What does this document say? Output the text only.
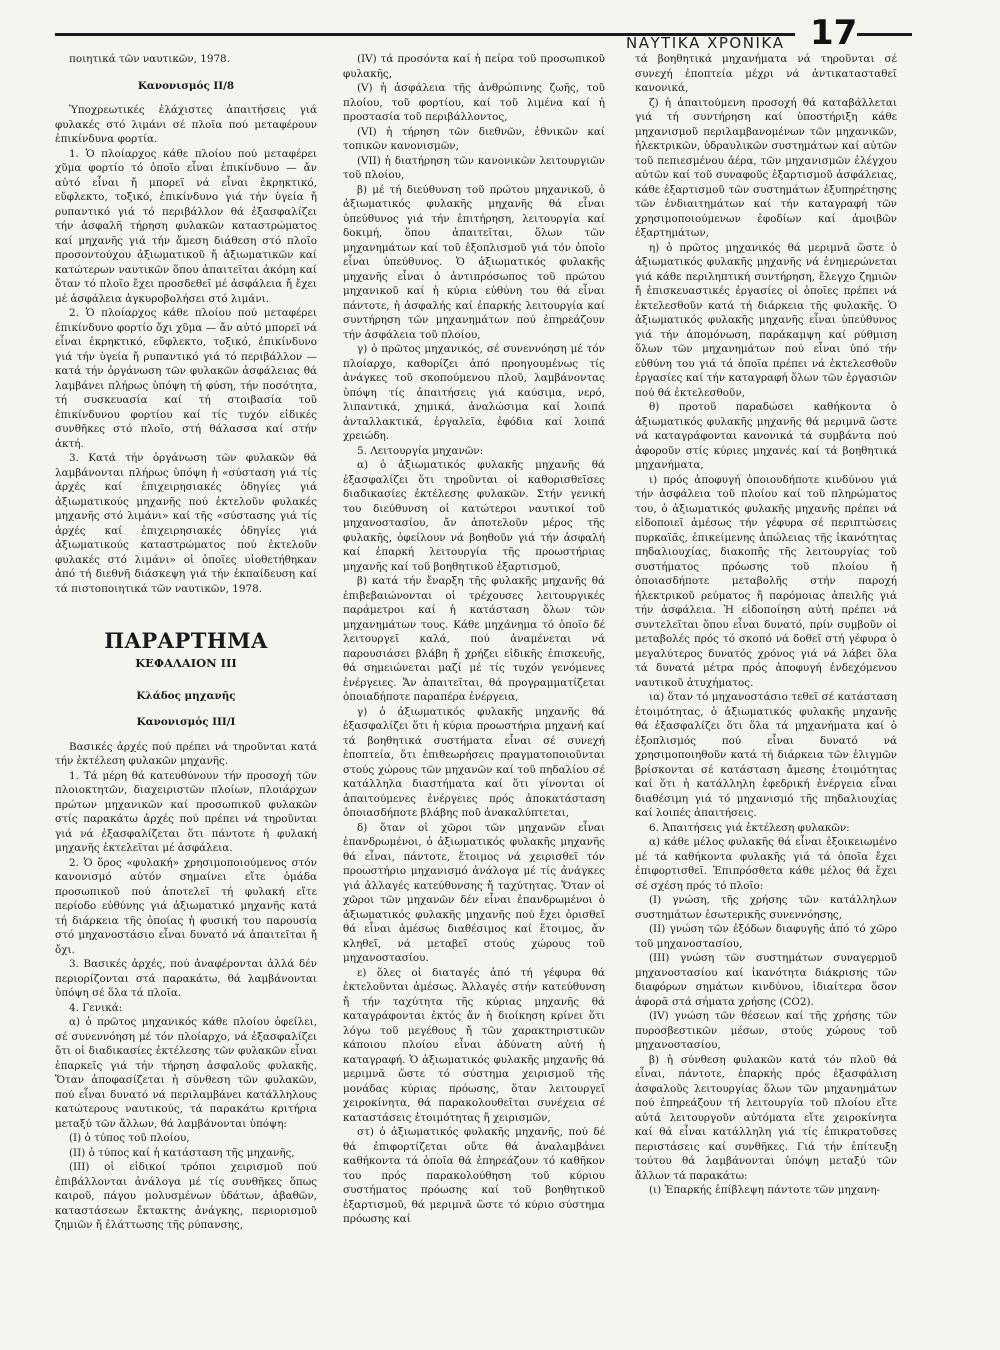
ΝΑΥΤΙΚΑ ΧΡΟΝΙΚΑ 17

ποιητικά τῶν ναυτικῶν, 1978.

Κανονισμός ΙΙ/8

Ὑποχρεωτικές ἐλάχιστες ἀπαιτήσεις γιά φυλακές στό λιμάνι σέ πλοῖα πού μεταφέρουν ἐπικίνδυνα φορτία.

1. Ὁ πλοίαρχος κάθε πλοίου πού μεταφέρει χῦμα φορτίο τό ὁποῖο εἶναι ἐπικίνδυνο — ἄν αὐτό εἶναι ἤ μπορεῖ νά εἶναι ἐκρηκτικό, εὔφλεκτο, τοξικό, ἐπικίνδυνο γιά τήν ὑγεία ἤ ρυπαντικό γιά τό περιβάλλον θά ἐξασφαλίζει τήν ἀσφαλῆ τήρηση φυλακῶν καταστρώματος καί μηχανῆς γιά τήν ἄμεση διάθεση στό πλοῖο προσοντούχου ἀξιωματικοῦ ἤ ἀξιωματικῶν καί κατώτερων ναυτικῶν ὅπου ἀπαιτεῖται ἀκόμη καί ὅταν τό πλοῖο ἔχει προσδεθεῖ μέ ἀσφάλεια ἤ ἔχει μέ ἀσφάλεια ἀγκυροβολήσει στό λιμάνι.

2. Ὁ πλοίαρχος κάθε πλοίου πού μεταφέρει ἐπικίνδυνο φορτίο ὄχι χῦμα — ἄν αὐτό μπορεῖ νά εἶναι ἐκρηκτικό, εὔφλεκτο, τοξικό, ἐπικίνδυνο γιά τήν ὑγεία ἤ ρυπαντικό γιά τό περιβάλλον — κατά τήν ὀργάνωση τῶν φυλακῶν ἀσφάλειας θά λαμβάνει πλήρως ὑπόψη τή φύση, τήν ποσότητα, τή συσκευασία καί τή στοιβασία τοῦ ἐπικίνδυνου φορτίου καί τίς τυχόν εἰδικές συνθῆκες στό πλοῖο, στή θάλασσα καί στήν ἀκτή.

3. Κατά τήν ὀργάνωση τῶν φυλακῶν θά λαμβάνονται πλήρως ὑπόψη ἡ «σύσταση γιά τίς ἀρχές καί ἐπιχειρησιακές ὁδηγίες γιά ἀξιωματικούς μηχανῆς πού ἐκτελοῦν φυλακές μηχανῆς στό λιμάνι» καί τῆς «σύστασης γιά τίς ἀρχές καί ἐπιχειρησιακές ὁδηγίες γιά ἀξιωματικούς καταστρώματος πού ἐκτελοῦν φυλακές στό λιμάνι» οἱ ὁποῖες υἱοθετήθηκαν ἀπό τή διεθνῆ διάσκεψη γιά τήν ἐκπαίδευση καί τά πιστοποιητικά τῶν ναυτικῶν, 1978.

ΠΑΡΑΡΤΗΜΑ
ΚΕΦΑΛΑΙΟΝ ΙΙΙ
Κλάδος μηχανῆς
Κανονισμός ΙΙΙ/Ι

Βασικές ἀρχές πού πρέπει νά τηροῦνται κατά τήν ἐκτέλεση φυλακῶν μηχανῆς.

1. Τά μέρη θά κατευθύνουν τήν προσοχή τῶν πλοιοκτητῶν, διαχειριστῶν πλοίων, πλοιάρχων πρώτων μηχανικῶν καί προσωπικοῦ φυλακῶν στίς παρακάτω ἀρχές πού πρέπει νά τηροῦνται γιά νά ἐξασφαλίζεται ὅτι πάντοτε ἡ φυλακή μηχανῆς ἐκτελεῖται μέ ἀσφάλεια.

2. Ὁ ὅρος «φυλακή» χρησιμοποιούμενος στόν κανονισμό αὐτόν σημαίνει εἴτε ὁμάδα προσωπικοῦ πού ἀποτελεῖ τή φυλακή εἴτε περίοδο εὐθύνης γιά ἀξιωματικό μηχανῆς κατά τή διάρκεια τῆς ὁποίας ἡ φυσική του παρουσία στό μηχανοστάσιο εἶναι δυνατό νά ἀπαιτεῖται ἤ ὄχι.

3. Βασικές ἀρχές, πού ἀναφέρονται ἀλλά δέν περιορίζονται στά παρακάτω, θά λαμβάνονται ὑπόψη σέ ὅλα τά πλοῖα.

4. Γενικά:

α) ὁ πρῶτος μηχανικός κάθε πλοίου ὀφείλει, σέ συνεννόηση μέ τόν πλοίαρχο, νά ἐξασφαλίζει ὅτι οἱ διαδικασίες ἐκτέλεσης τῶν φυλακῶν εἶναι ἐπαρκεῖς γιά τήν τήρηση ἀσφαλοῦς φυλακῆς. Ὅταν ἀποφασίζεται ἡ σύνθεση τῶν φυλακῶν, πού εἶναι δυνατό νά περιλαμβάνει κατάλληλους κατώτερους ναυτικούς, τά παρακάτω κριτήρια μεταξύ τῶν ἄλλων, θά λαμβάνονται ὑπόψη:

(Ι) ὁ τύπος τοῦ πλοίου,

(ΙΙ) ὁ τύπος καί ἡ κατάσταση τῆς μηχανῆς,

(ΙΙΙ) οἱ εἰδικοί τρόποι χειρισμοῦ πού ἐπιβάλλονται ἀνάλογα μέ τίς συνθῆκες ὅπως καιροῦ, πάγου μολυσμένων ὑδάτων, ἀβαθῶν, καταστάσεων ἔκτακτης ἀνάγκης, περιορισμοῦ ζημιῶν ἤ ἐλάττωσης τῆς ρύπανσης,

(IV) τά προσόντα καί ἡ πείρα τοῦ προσωπικοῦ φυλακῆς,

(V) ἡ ἀσφάλεια τῆς ἀνθρώπινης ζωῆς, τοῦ πλοίου, τοῦ φορτίου, καί τοῦ λιμένα καί ἡ προστασία τοῦ περιβάλλοντος,

(VI) ἡ τήρηση τῶν διεθνῶν, ἐθνικῶν καί τοπικῶν κανονισμῶν,

(VII) ἡ διατήρηση τῶν κανονικῶν λειτουργιῶν τοῦ πλοίου,

β) μέ τή διεύθυνση τοῦ πρώτου μηχανικοῦ, ὁ ἀξιωματικός φυλακῆς μηχανῆς θά εἶναι ὑπεύθυνος γιά τήν ἐπιτήρηση, λειτουργία καί δοκιμή, ὅπου ἀπαιτεῖται, ὅλων τῶν μηχανημάτων καί τοῦ ἐξοπλισμοῦ γιά τόν ὁποῖο εἶναι ὑπεύθυνος. Ὁ ἀξιωματικός φυλακῆς μηχανῆς εἶναι ὁ ἀντιπρόσωπος τοῦ πρώτου μηχανικοῦ καί ἡ κύρια εὐθύνη του θά εἶναι πάντοτε, ἡ ἀσφαλής καί ἐπαρκής λειτουργία καί συντήρηση τῶν μηχανημάτων πού ἐπηρεάζουν τήν ἀσφάλεια τοῦ πλοίου,

γ) ὁ πρῶτος μηχανικός, σέ συνεννόηση μέ τόν πλοίαρχο, καθορίζει ἀπό προηγουμένως τίς ἀνάγκες τοῦ σκοπούμενου πλοῦ, λαμβάνοντας ὑπόψη τίς ἀπαιτήσεις γιά καύσιμα, νερό, λιπαντικά, χημικά, ἀναλώσιμα καί λοιπά ἀνταλλακτικά, ἐργαλεῖα, ἐφόδια καί λοιπά χρειώδη.

5. Λειτουργία μηχανῶν:

α) ὁ ἀξιωματικός φυλακῆς μηχανῆς θά ἐξασφαλίζει ὅτι τηροῦνται οἱ καθορισθεῖσες διαδικασίες ἐκτέλεσης φυλακῶν. Στήν γενική του διεύθυνση οἱ κατώτεροι ναυτικοί τοῦ μηχανοστασίου, ἄν ἀποτελοῦν μέρος τῆς φυλακῆς, ὀφείλουν νά βοηθοῦν γιά τήν ἀσφαλή καί ἐπαρκή λειτουργία τῆς προωστήριας μηχανῆς καί τοῦ βοηθητικοῦ ἐξαρτισμοῦ,

β) κατά τήν ἔναρξη τῆς φυλακῆς μηχανῆς θά ἐπιβεβαιώνονται οἱ τρέχουσες λειτουργικές παράμετροι καί ἡ κατάσταση ὅλων τῶν μηχανημάτων τους. Κάθε μηχάνημα τό ὁποῖο δέ λειτουργεῖ καλά, πού ἀναμένεται νά παρουσιάσει βλάβη ἤ χρήζει εἰδικῆς ἐπισκευῆς, θά σημειώνεται μαζί μέ τίς τυχόν γενόμενες ἐνέργειες. Ἄν ἀπαιτεῖται, θά προγραμματίζεται ὁποιαδήποτε παραπέρα ἐνέργεια,

γ) ὁ ἀξιωματικός φυλακῆς μηχανῆς θά ἐξασφαλίζει ὅτι ἡ κύρια προωστήρια μηχανή καί τά βοηθητικά συστήματα εἶναι σέ συνεχή ἐποπτεία, ὅτι ἐπιθεωρήσεις πραγματοποιοῦνται στούς χώρους τῶν μηχανῶν καί τοῦ πηδαλίου σέ κατάλληλα διαστήματα καί ὅτι γίνονται οἱ ἀπαιτούμενες ἐνέργειες πρός ἀποκατάσταση ὁποιασδήποτε βλάβης ποῦ ἀνακαλύπτεται,

δ) ὅταν οἱ χῶροι τῶν μηχανῶν εἶναι ἐπανδρωμένοι, ὁ ἀξιωματικός φυλακῆς μηχανῆς θά εἶναι, πάντοτε, ἕτοιμος νά χειρισθεῖ τόν προωστήριο μηχανισμό ἀνάλογα μέ τίς ἀνάγκες γιά ἀλλαγές κατεύθυνσης ἤ ταχύτητας. Ὅταν οἱ χῶροι τῶν μηχανῶν δέν εἶναι ἐπανδρωμένοι ὁ ἀξιωματικός φυλακῆς μηχανῆς πού ἔχει ὁρισθεῖ θά εἶναι ἀμέσως διαθέσιμος καί ἕτοιμος, ἄν κληθεῖ, νά μεταβεῖ στούς χώρους τοῦ μηχανοστασίου.

ε) ὅλες οἱ διαταγές ἀπό τή γέφυρα θά ἐκτελοῦνται ἀμέσως. Ἀλλαγές στήν κατεύθυνση ἤ τήν ταχύτητα τῆς κύριας μηχανῆς θά καταγράφονται ἐκτός ἄν ἡ διοίκηση κρίνει ὅτι λόγω τοῦ μεγέθους ἤ τῶν χαρακτηριστικῶν κάποιου πλοίου εἶναι ἀδύνατη αὐτή ἡ καταγραφή. Ὁ ἀξιωματικός φυλακῆς μηχανῆς θά μεριμνᾶ ὥστε τό σύστημα χειρισμοῦ τῆς μονάδας κύριας πρόωσης, ὅταν λειτουργεῖ χειροκίνητα, θά παρακολουθεῖται συνέχεια σέ καταστάσεις ἑτοιμότητας ἤ χειρισμῶν,

στ) ὁ ἀξιωματικός φυλακῆς μηχανῆς, πού δέ θά ἐπιφορτίζεται οὔτε θά ἀναλαμβάνει καθήκοντα τά ὁποῖα θά ἐπηρεάζουν τό καθῆκον του πρός παρακολούθηση τοῦ κύριου συστήματος πρόωσης καί τοῦ βοηθητικοῦ ἐξαρτισμοῦ, θά μεριμνᾶ ὥστε τό κύριο σύστημα πρόωσης καί

τά βοηθητικά μηχανήματα νά τηροῦνται σέ συνεχή ἐποπτεία μέχρι νά ἀντικατασταθεῖ κανονικά,

ζ) ἡ ἀπαιτούμενη προσοχή θά καταβάλλεται γιά τή συντήρηση καί ὑποστήριξη κάθε μηχανισμοῦ περιλαμβανομένων τῶν μηχανικῶν, ἠλεκτρικῶν, ὑδραυλικῶν συστημάτων καί αὐτῶν τοῦ πεπιεσμένου ἀέρα, τῶν μηχανισμῶν ἐλέγχου αὐτῶν καί τοῦ συναφοῦς ἐξαρτισμοῦ ἀσφάλειας, κάθε ἐξαρτισμοῦ τῶν συστημάτων ἐξυπηρέτησης τῶν ἐνδιαιτημάτων καί τήν καταγραφή τῶν χρησιμοποιούμενων ἐφοδίων καί ἀμοιβῶν ἐξαρτημάτων,

η) ὁ πρῶτος μηχανικός θά μεριμνᾶ ὥστε ὁ ἀξιωματικός φυλακῆς μηχανῆς νά ἐνημερώνεται γιά κάθε περιληπτική συντήρηση, ἔλεγχο ζημιῶν ἤ ἐπισκευαστικές ἐργασίες οἱ ὁποῖες πρέπει νά ἐκτελεσθοῦν κατά τή διάρκεια τῆς φυλακῆς. Ὁ ἀξιωματικός φυλακῆς μηχανῆς εἶναι ὑπεύθυνος γιά τήν ἀπομόνωση, παράκαμψη καί ρύθμιση ὅλων τῶν μηχανημάτων πού εἶναι ὑπό τήν εὐθύνη του γιά τά ὁποῖα πρέπει νά ἐκτελεσθοῦν ἐργασίες καί τήν καταγραφή ὅλων τῶν ἐργασιῶν πού θά ἐκτελεσθοῦν,

θ) προτοῦ παραδώσει καθήκοντα ὁ ἀξιωματικός φυλακῆς μηχανῆς θά μεριμνᾶ ὥστε νά καταγράφονται κανονικά τά συμβάντα πού ἀφοροῦν στίς κύριες μηχανές καί τά βοηθητικά μηχανήματα,

ι) πρός ἀποφυγή ὁποιουδήποτε κινδύνου γιά τήν ἀσφάλεια τοῦ πλοίου καί τοῦ πληρώματος του, ὁ ἀξιωματικός φυλακῆς μηχανῆς πρέπει νά εἰδοποιεῖ ἀμέσως τήν γέφυρα σέ περιπτώσεις πυρκαϊᾶς, ἐπικείμενης ἀπώλειας τῆς ἱκανότητας πηδαλιουχίας, διακοπῆς τῆς λειτουργίας τοῦ συστήματος πρόωσης τοῦ πλοίου ἤ ὁποιασδήποτε μεταβολῆς στήν παροχή ἠλεκτρικοῦ ρεύματος ἤ παρόμοιας ἀπειλῆς γιά τήν ἀσφάλεια. Ἡ εἰδοποίηση αὐτή πρέπει νά συντελεῖται ὅπου εἶναι δυνατό, πρίν συμβοῦν οἱ μεταβολές πρός τό σκοπό νά δοθεῖ στή γέφυρα ὁ μεγαλύτερος δυνατός χρόνος γιά νά λάβει ὅλα τά δυνατά μέτρα πρός ἀποφυγή ἐνδεχόμενου ναυτικοῦ ἀτυχήματος.

ια) ὅταν τό μηχανοστάσιο τεθεῖ σέ κατάσταση ἑτοιμότητας, ὁ ἀξιωματικός φυλακῆς μηχανῆς θά ἐξασφαλίζει ὅτι ὅλα τά μηχανήματα καί ὁ ἐξοπλισμός πού εἶναι δυνατό νά χρησιμοποιηθοῦν κατά τή διάρκεια τῶν ἐλιγμῶν βρίσκονται σέ κατάσταση ἄμεσης ἑτοιμότητας καί ὅτι ἡ κατάλληλη ἐφεδρική ἐνέργεια εἶναι διαθέσιμη γιά τό μηχανισμό τῆς πηδαλιουχίας καί λοιπές ἀπαιτήσεις.

6. Ἀπαιτήσεις γιά ἐκτέλεση φυλακῶν:

α) κάθε μέλος φυλακῆς θά εἶναι ἐξοικειωμένο μέ τά καθήκοντα φυλακῆς γιά τά ὁποῖα ἔχει ἐπιφορτισθεῖ. Ἐπιπρόσθετα κάθε μέλος θά ἔχει σέ σχέση πρός τό πλοῖο:

(Ι) γνώση, τῆς χρήσης τῶν κατάλληλων συστημάτων ἐσωτερικῆς συνεννόησης,

(ΙΙ) γνώση τῶν ἐξόδων διαφυγῆς ἀπό τό χῶρο τοῦ μηχανοστασίου,

(ΙΙΙ) γνώση τῶν συστημάτων συναγερμοῦ μηχανοστασίου καί ἱκανότητα διάκρισης τῶν διαφόρων σημάτων κινδύνου, ἰδιαίτερα ὅσον ἀφορᾶ στά σήματα χρήσης (CO2).

(IV) γνώση τῶν θέσεων καί τῆς χρήσης τῶν πυροσβεστικῶν μέσων, στούς χώρους τοῦ μηχανοστασίου,

β) ἡ σύνθεση φυλακῶν κατά τόν πλοῦ θά εἶναι, πάντοτε, ἐπαρκής πρός ἐξασφάλιση ἀσφαλοῦς λειτουργίας ὅλων τῶν μηχανημάτων πού ἐπηρεάζουν τή λειτουργία τοῦ πλοίου εἴτε αὐτά λειτουργοῦν αὐτόματα εἴτε χειροκίνητα καί θά εἶναι κατάλληλη γιά τίς ἐπικρατοῦσες περιστάσεις καί συνθῆκες. Γιά τήν ἐπίτευξη τούτου θά λαμβάνονται ὑπόψη μεταξύ τῶν ἄλλων τά παρακάτω:

(ι) Ἐπαρκής ἐπίβλεψη πάντοτε τῶν μηχανη-
